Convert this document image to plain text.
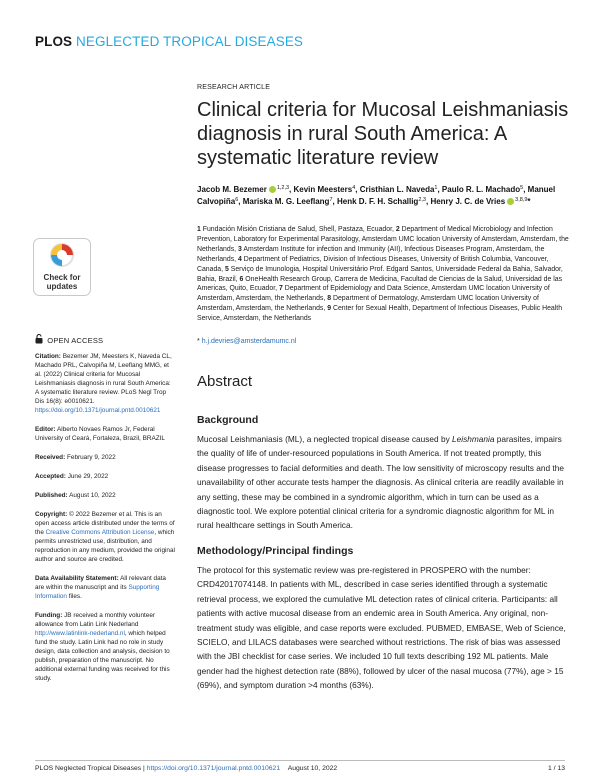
PLOS NEGLECTED TROPICAL DISEASES
Check for
updates
OPEN ACCESS

Citation: Bezemer JM, Meesters K, Naveda CL, Machado PRL, Calvopiña M, Leeflang MMG, et al. (2022) Clinical criteria for Mucosal Leishmaniasis diagnosis in rural South America: A systematic literature review. PLoS Negl Trop Dis 16(8): e0010621. https://doi.org/10.1371/journal.pntd.0010621

Editor: Alberto Novaes Ramos Jr, Federal University of Ceará, Fortaleza, Brazil, BRAZIL

Received: February 9, 2022

Accepted: June 29, 2022

Published: August 10, 2022

Copyright: © 2022 Bezemer et al. This is an open access article distributed under the terms of the Creative Commons Attribution License, which permits unrestricted use, distribution, and reproduction in any medium, provided the original author and source are credited.

Data Availability Statement: All relevant data are within the manuscript and its Supporting Information files.

Funding: JB received a monthly volunteer allowance from Latin Link Nederland http://www.latinlink-nederland.nl, which helped fund the study. Latin Link had no role in study design, data collection and analysis, decision to publish, preparation of the manuscript. No additional external funding was received for this study.

RESEARCH ARTICLE
Clinical criteria for Mucosal Leishmaniasis diagnosis in rural South America: A systematic literature review
Jacob M. Bezemer $^{1,2,3}$, Kevin Meesters$^4$, Cristhian L. Naveda$^1$, Paulo R. L. Machado$^5$, Manuel Calvopiña$^6$, Mariska M. G. Leeflang$^7$, Henk D. F. H. Schallig$^{2,3}$, Henry J. C. de Vries $^{3,8,9}$*
1 Fundación Misión Cristiana de Salud, Shell, Pastaza, Ecuador, 2 Department of Medical Microbiology and Infection Prevention, Laboratory for Experimental Parasitology, Amsterdam UMC location University of Amsterdam, Amsterdam, the Netherlands, 3 Amsterdam Institute for infection and Immunity (AII), Infectious Diseases Program, Amsterdam, the Netherlands, 4 Department of Pediatrics, Division of Infectious Diseases, University of British Columbia, Vancouver, Canada, 5 Serviço de Imunologia, Hospital Universitário Prof. Edgard Santos, Universidade Federal da Bahia, Salvador, Bahia, Brazil, 6 OneHealth Research Group, Carrera de Medicina, Facultad de Ciencias de la Salud, Universidad de las Americas, Quito, Ecuador, 7 Department of Epidemiology and Data Science, Amsterdam UMC location University of Amsterdam, Amsterdam, the Netherlands, 8 Department of Dermatology, Amsterdam UMC location University of Amsterdam, Amsterdam, the Netherlands, 9 Center for Sexual Health, Department of Infectious Diseases, Public Health Service, Amsterdam, the Netherlands
* h.j.devries@amsterdamumc.nl
Abstract
Background

Mucosal Leishmaniasis (ML), a neglected tropical disease caused by Leishmania parasites, impairs the quality of life of under-resourced populations in South America. If not treated promptly, this disease progresses to facial deformities and death. The low sensitivity of microscopy results and the unavailability of other accurate tests hamper the diagnosis. As clinical criteria are readily available in any setting, these may be combined in a syndromic algorithm, which in turn can be used as a diagnostic tool. We explore potential clinical criteria for a syndromic diagnostic algorithm for ML in rural healthcare settings in South America.

Methodology/Principal findings

The protocol for this systematic review was pre-registered in PROSPERO with the number: CRD42017074148. In patients with ML, described in case series identified through a systematic retrieval process, we explored the cumulative ML detection rates of clinical criteria. Participants: all patients with active mucosal disease from an endemic area in South America. Any original, non-treatment study was eligible, and case reports were excluded. PUBMED, EMBASE, Web of Science, SCIELO, and LILACS databases were searched without restrictions. The risk of bias was assessed with the JBI checklist for case series. We included 10 full texts describing 192 ML patients. Male gender had the highest detection rate (88%), followed by ulcer of the nasal mucosa (77%), age > 15 (69%), and symptom duration >4 months (63%).

PLOS Neglected Tropical Diseases | https://doi.org/10.1371/journal.pntd.0010621 August 10, 2022	1 / 13
